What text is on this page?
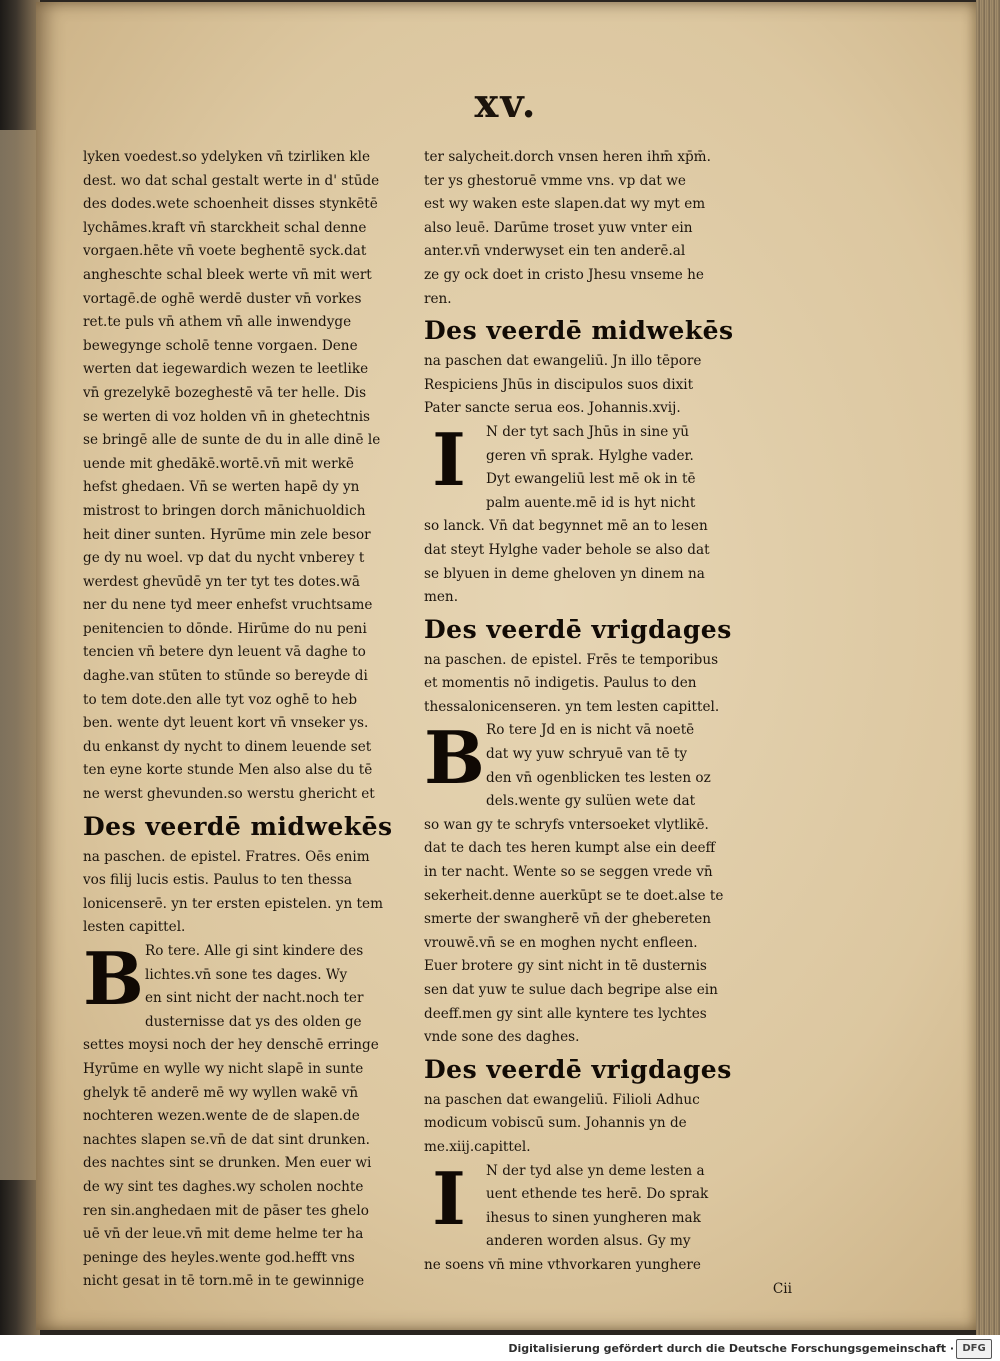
xv.
lyken voedest.so ydelyken vn̄ tzirliken kle
dest. wo dat schal gestalt werte in d' stūde
des dodes.wete schoenheit disses stynkētē
lychāmes.kraft vn̄ starckheit schal denne
vorgaen.hēte vn̄ voete beghentē syck.dat
angheschte schal bleek werte vn̄ mit wert
vortagē.de oghē werdē duster vn̄ vorkes
ret.te puls vn̄ athem vn̄ alle inwendyge
bewegynge scholē tenne vorgaen. Dene
werten dat iegewardich wezen te leetlike
vn̄ grezelykē bozeghestē vā ter helle. Dis
se werten di voz holden vn̄ in ghetechtnis
se bringē alle de sunte de du in alle dinē le
uende mit ghedākē.wortē.vn̄ mit werkē
hefst ghedaen. Vn̄ se werten hapē dy yn
mistrost to bringen dorch mānichuoldich
heit diner sunten. Hyrūme min zele besor
ge dy nu woel. vp dat du nycht vnberey t
werdest ghevūdē yn ter tyt tes dotes.wā
ner du nene tyd meer enhefst vruchtsame
penitencien to dōnde. Hirūme do nu peni
tencien vn̄ betere dyn leuent vā daghe to
daghe.van stūten to stūnde so bereyde di
to tem dote.den alle tyt voz oghē to heb
ben. wente dyt leuent kort vn̄ vnseker ys.
du enkanst dy nycht to dinem leuende set
ten eyne korte stunde Men also alse du tē
ne werst ghevunden.so werstu ghericht et
Des veerdē midwekēs
na paschen. de epistel. Fratres. Oēs enim
vos filij lucis estis. Paulus to ten thessa
lonicenserē. yn ter ersten epistelen. yn tem
lesten capittel.
B Ro tere. Alle gi sint kindere des
lichtes.vn̄ sone tes dages. Wy
en sint nicht der nacht.noch ter
dusternisse dat ys des olden ge
settes moysi noch der hey denschē erringe
Hyrūme en wylle wy nicht slapē in sunte
ghelyk tē anderē mē wy wyllen wakē vn̄
nochteren wezen.wente de de slapen.de
nachtes slapen se.vn̄ de dat sint drunken.
des nachtes sint se drunken. Men euer wi
de wy sint tes daghes.wy scholen nochte
ren sin.anghedaen mit de pāser tes ghelo
uē vn̄ der leue.vn̄ mit deme helme ter ha
peninge des heyles.wente god.hefft vns
nicht gesat in tē torn.mē in te gewinnige
ter salycheit.dorch vnsen heren ihm̄ xp̄m̄.
ter ys ghestoruē vmme vns. vp dat we
est wy waken este slapen.dat wy myt em
also leuē. Darūme troset yuw vnter ein
anter.vn̄ vnderwyset ein ten anderē.al
ze gy ock doet in cristo Jhesu vnseme he
ren.
Des veerdē midwekēs
na paschen dat ewangeliū. Jn illo tēpore
Respiciens Jhūs in discipulos suos dixit
Pater sancte serua eos. Johannis.xvij.
I	N der tyt sach Jhūs in sine yū
geren vn̄ sprak. Hylghe vader.
Dyt ewangeliū lest mē ok in tē
palm auente.mē id is hyt nicht
so lanck. Vn̄ dat begynnet mē an to lesen
dat steyt Hylghe vader behole se also dat
se blyuen in deme gheloven yn dinem na
men.
Des veerdē vrigdages
na paschen. de epistel. Frēs te temporibus
et momentis nō indigetis. Paulus to den
thessalonicenseren. yn tem lesten capittel.
B Ro tere Jd en is nicht vā noetē
dat wy yuw schryuē van tē ty
den vn̄ ogenblicken tes lesten oz
dels.wente gy sulüen wete dat
so wan gy te schryfs vntersoeket vlytlikē.
dat te dach tes heren kumpt alse ein deeff
in ter nacht. Wente so se seggen vrede vn̄
sekerheit.denne auerkūpt se te doet.alse te
smerte der swangherē vn̄ der ghebereten
vrouwē.vn̄ se en moghen nycht enfleen.
Euer brotere gy sint nicht in tē dusternis
sen dat yuw te sulue dach begripe alse ein
deeff.men gy sint alle kyntere tes lychtes
vnde sone des daghes.
Des veerdē vrigdages
na paschen dat ewangeliū. Filioli Adhuc
modicum vobiscū sum. Johannis yn de
me.xiij.capittel.
I	N der tyd alse yn deme lesten a
uent ethende tes herē. Do sprak
ihesus to sinen yungheren mak
anderen worden alsus. Gy my
ne soens vn̄ mine vthvorkaren yunghere
Cii
Digitalisierung gefördert durch die Deutsche Forschungsgemeinschaft · DFG
